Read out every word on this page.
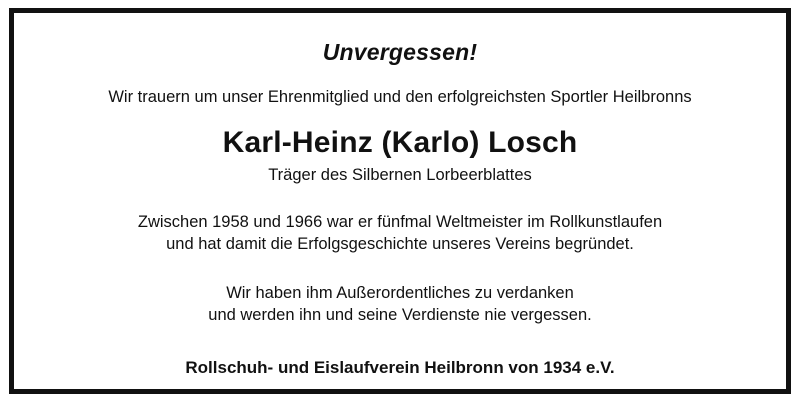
Unvergessen!
Wir trauern um unser Ehrenmitglied und den erfolgreichsten Sportler Heilbronns
Karl-Heinz (Karlo) Losch
Träger des Silbernen Lorbeerblattes
Zwischen 1958 und 1966 war er fünfmal Weltmeister im Rollkunstlaufen
und hat damit die Erfolgsgeschichte unseres Vereins begründet.
Wir haben ihm Außerordentliches zu verdanken
und werden ihn und seine Verdienste nie vergessen.
Rollschuh- und Eislaufverein Heilbronn von 1934 e.V.
